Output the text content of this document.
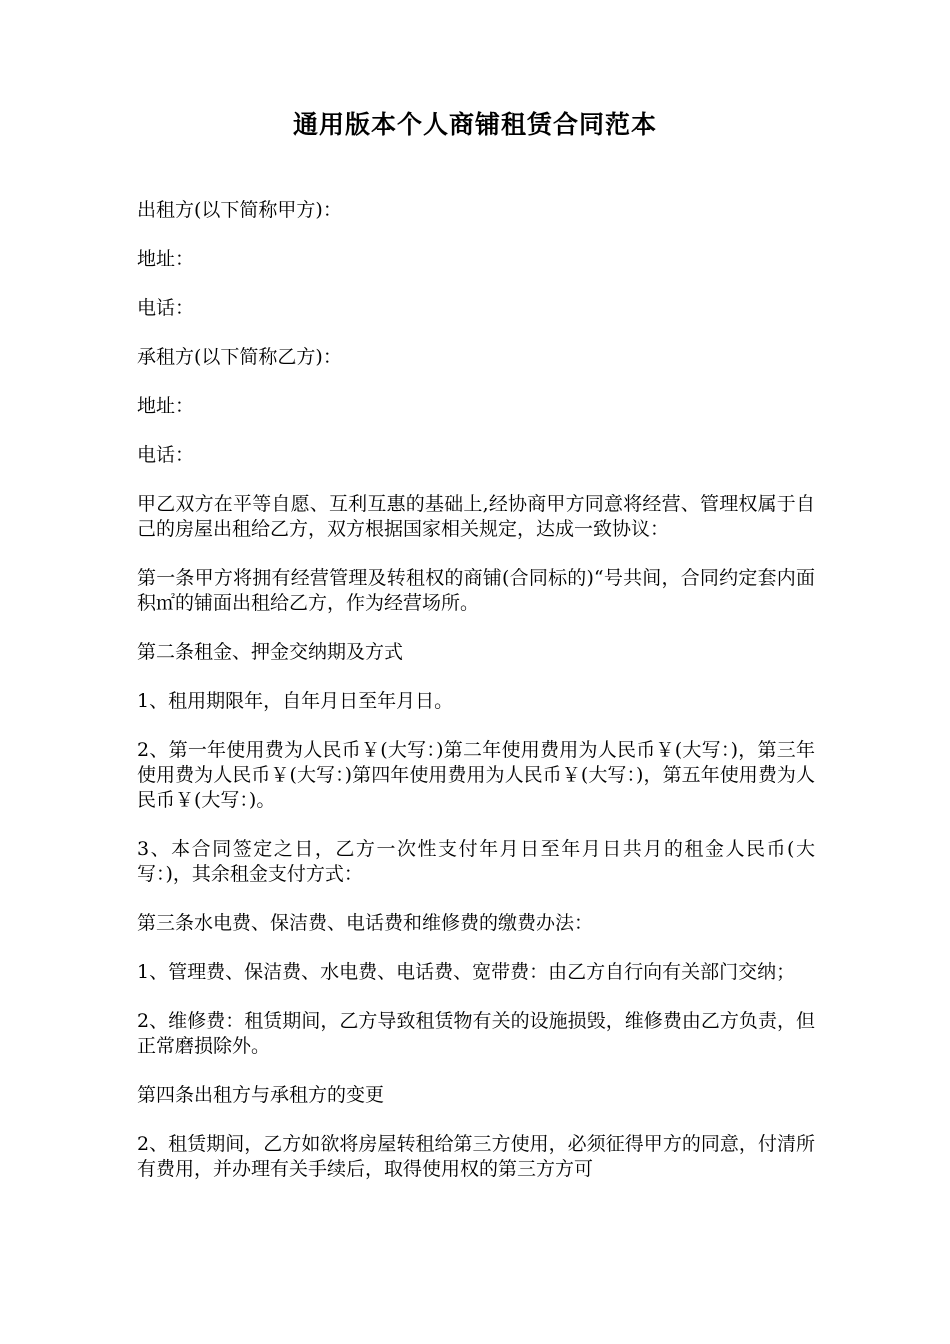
通用版本个人商铺租赁合同范本

出租方(以下简称甲方)：

地址：

电话：

承租方(以下简称乙方)：

地址：

电话：

甲乙双方在平等自愿、互利互惠的基础上,经协商甲方同意将经营、管理权属于自己的房屋出租给乙方，双方根据国家相关规定，达成一致协议：

第一条甲方将拥有经营管理及转租权的商铺(合同标的)“号共间，合同约定套内面积㎡的铺面出租给乙方，作为经营场所。

第二条租金、押金交纳期及方式

1、租用期限年，自年月日至年月日。

2、第一年使用费为人民币￥(大写：)第二年使用费用为人民币￥(大写：)，第三年使用费为人民币￥(大写：)第四年使用费用为人民币￥(大写：)，第五年使用费为人民币￥(大写：)。

3、本合同签定之日，乙方一次性支付年月日至年月日共月的租金人民币(大写：)，其余租金支付方式：

第三条水电费、保洁费、电话费和维修费的缴费办法：

1、管理费、保洁费、水电费、电话费、宽带费：由乙方自行向有关部门交纳；

2、维修费：租赁期间，乙方导致租赁物有关的设施损毁，维修费由乙方负责，但正常磨损除外。

第四条出租方与承租方的变更

2、租赁期间，乙方如欲将房屋转租给第三方使用，必须征得甲方的同意，付清所有费用，并办理有关手续后，取得使用权的第三方方可
